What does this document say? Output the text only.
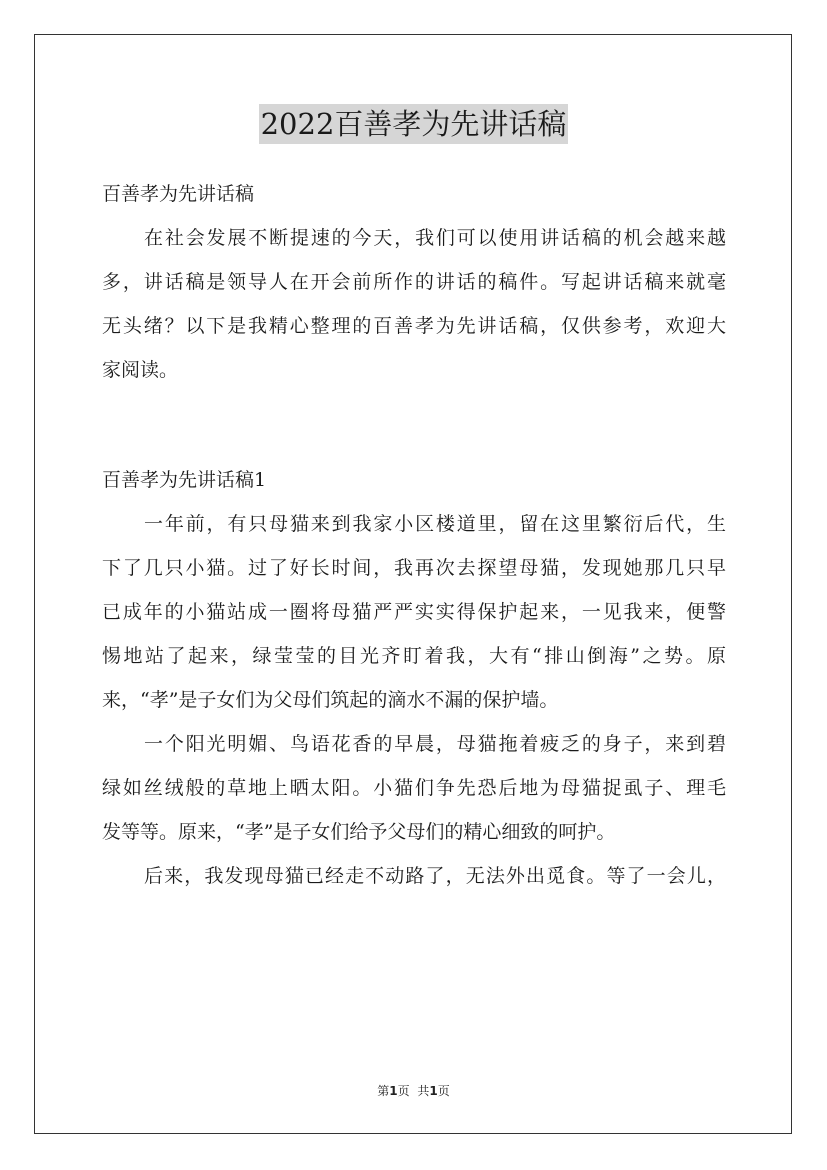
2022百善孝为先讲话稿

百善孝为先讲话稿

在社会发展不断提速的今天，我们可以使用讲话稿的机会越来越

多，讲话稿是领导人在开会前所作的讲话的稿件。写起讲话稿来就毫

无头绪？以下是我精心整理的百善孝为先讲话稿，仅供参考，欢迎大

家阅读。

百善孝为先讲话稿1

一年前，有只母猫来到我家小区楼道里，留在这里繁衍后代，生

下了几只小猫。过了好长时间，我再次去探望母猫，发现她那几只早

已成年的小猫站成一圈将母猫严严实实得保护起来，一见我来，便警

惕地站了起来，绿莹莹的目光齐盯着我，大有“排山倒海”之势。原

来，“孝”是子女们为父母们筑起的滴水不漏的保护墙。

一个阳光明媚、鸟语花香的早晨，母猫拖着疲乏的身子，来到碧

绿如丝绒般的草地上晒太阳。小猫们争先恐后地为母猫捉虱子、理毛

发等等。原来，“孝”是子女们给予父母们的精心细致的呵护。

后来，我发现母猫已经走不动路了，无法外出觅食。等了一会儿，

第1页 共1页
